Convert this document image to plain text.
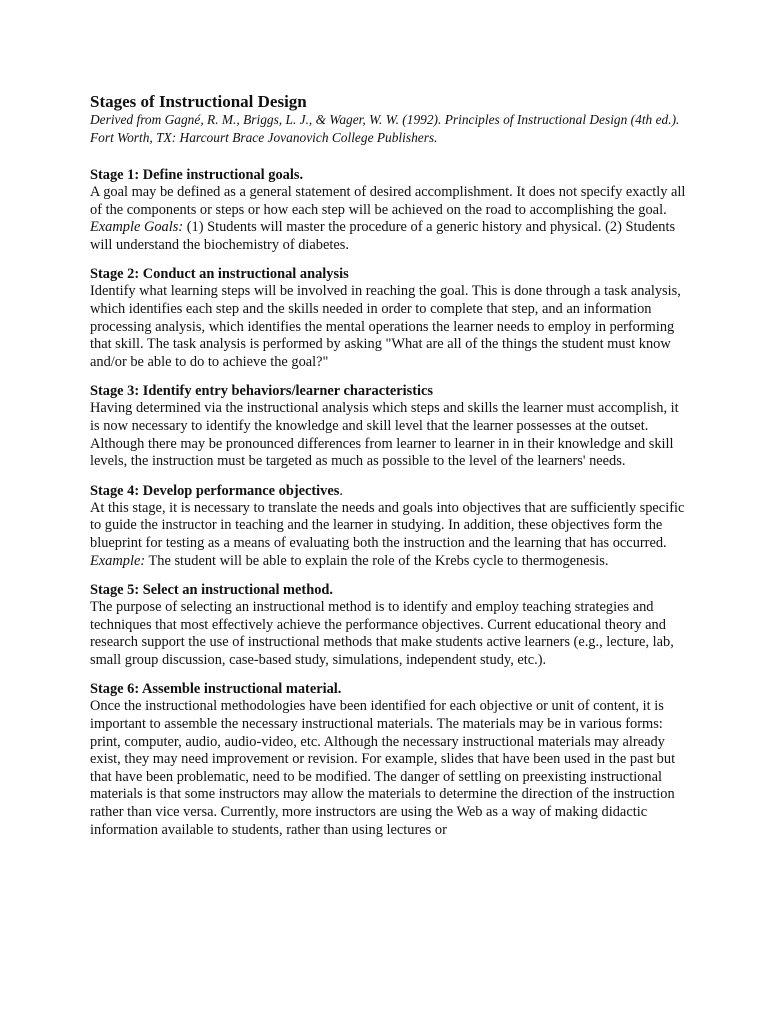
Stages of Instructional Design

Derived from Gagné, R. M., Briggs, L. J., & Wager, W. W. (1992). Principles of Instructional Design (4th ed.). Fort Worth, TX: Harcourt Brace Jovanovich College Publishers.

Stage 1: Define instructional goals.

A goal may be defined as a general statement of desired accomplishment. It does not specify exactly all of the components or steps or how each step will be achieved on the road to accomplishing the goal. Example Goals: (1) Students will master the procedure of a generic history and physical. (2) Students will understand the biochemistry of diabetes.

Stage 2: Conduct an instructional analysis

Identify what learning steps will be involved in reaching the goal. This is done through a task analysis, which identifies each step and the skills needed in order to complete that step, and an information processing analysis, which identifies the mental operations the learner needs to employ in performing that skill. The task analysis is performed by asking "What are all of the things the student must know and/or be able to do to achieve the goal?"

Stage 3: Identify entry behaviors/learner characteristics

Having determined via the instructional analysis which steps and skills the learner must accomplish, it is now necessary to identify the knowledge and skill level that the learner possesses at the outset. Although there may be pronounced differences from learner to learner in in their knowledge and skill levels, the instruction must be targeted as much as possible to the level of the learners' needs.

Stage 4: Develop performance objectives.

At this stage, it is necessary to translate the needs and goals into objectives that are sufficiently specific to guide the instructor in teaching and the learner in studying. In addition, these objectives form the blueprint for testing as a means of evaluating both the instruction and the learning that has occurred. Example: The student will be able to explain the role of the Krebs cycle to thermogenesis.

Stage 5: Select an instructional method.

The purpose of selecting an instructional method is to identify and employ teaching strategies and techniques that most effectively achieve the performance objectives. Current educational theory and research support the use of instructional methods that make students active learners (e.g., lecture, lab, small group discussion, case-based study, simulations, independent study, etc.).

Stage 6: Assemble instructional material.

Once the instructional methodologies have been identified for each objective or unit of content, it is important to assemble the necessary instructional materials. The materials may be in various forms: print, computer, audio, audio-video, etc. Although the necessary instructional materials may already exist, they may need improvement or revision. For example, slides that have been used in the past but that have been problematic, need to be modified. The danger of settling on preexisting instructional materials is that some instructors may allow the materials to determine the direction of the instruction rather than vice versa. Currently, more instructors are using the Web as a way of making didactic information available to students, rather than using lectures or
